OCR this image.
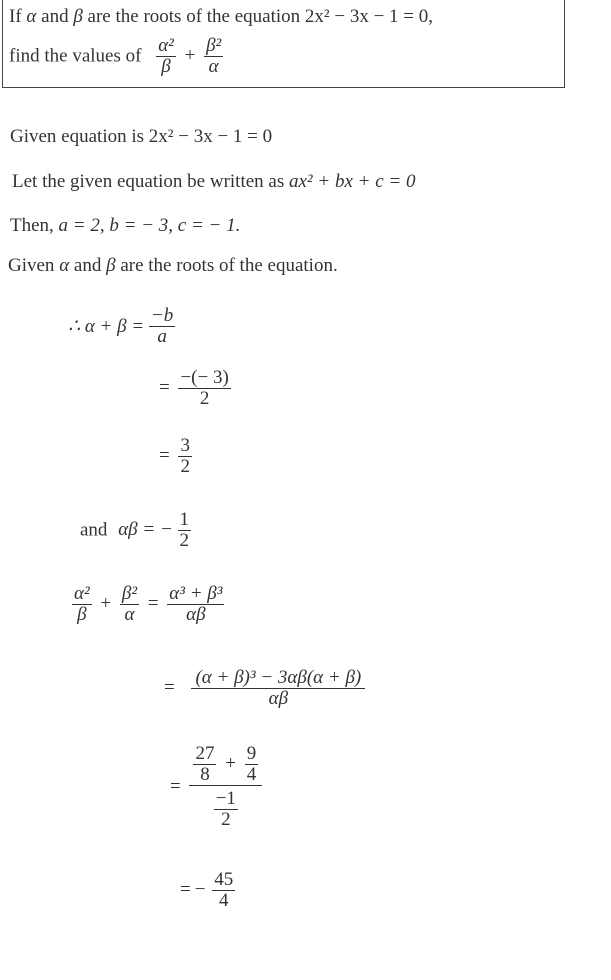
If α and β are the roots of the equation 2x² − 3x − 1 = 0,
find the values of $\frac{\text{α²}}{\beta} + \frac{\text{β²}}{\alpha}$
Given equation is 2x² − 3x − 1 = 0
Let the given equation be written as ax² + bx + c = 0
Then, a = 2, b = − 3, c = − 1.
Given α and β are the roots of the equation.
∴ $\alpha + \beta = \frac{-b}{a}$
= $\frac{-(- 3)}{2}$
= $\frac{3}{2}$
and αβ = − $\frac{1}{2}$
$\frac{\text{α²}}{\beta} + \frac{\text{β²}}{\alpha} = \frac{\text{α³ + β³}}{\alpha\beta}$
= $\frac{\text{(α + β)³ − 3αβ(α + β)}}{\alpha\beta}$
= $\frac{\frac{27}{8} + \frac{9}{4}}{\frac{-1}{2}}$
= − $\frac{45}{4}$
